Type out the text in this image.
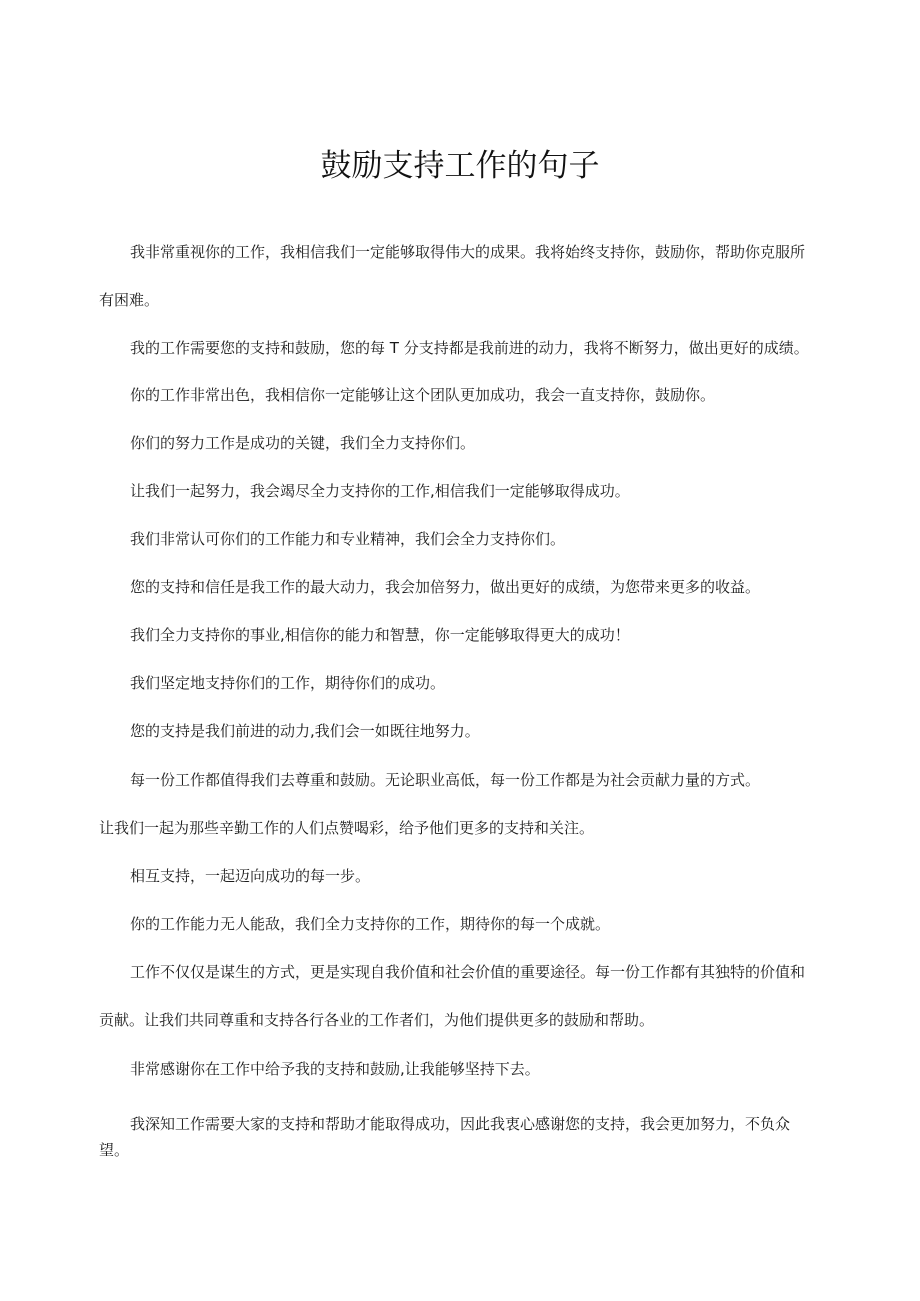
鼓励支持工作的句子

我非常重视你的工作，我相信我们一定能够取得伟大的成果。我将始终支持你，鼓励你，帮助你克服所
有困难。

我的工作需要您的支持和鼓励，您的每 T 分支持都是我前进的动力，我将不断努力，做出更好的成绩。

你的工作非常出色，我相信你一定能够让这个团队更加成功，我会一直支持你，鼓励你。

你们的努力工作是成功的关键，我们全力支持你们。

让我们一起努力，我会竭尽全力支持你的工作,相信我们一定能够取得成功。

我们非常认可你们的工作能力和专业精神，我们会全力支持你们。

您的支持和信任是我工作的最大动力，我会加倍努力，做出更好的成绩，为您带来更多的收益。

我们全力支持你的事业,相信你的能力和智慧，你一定能够取得更大的成功！

我们坚定地支持你们的工作，期待你们的成功。

您的支持是我们前进的动力,我们会一如既往地努力。

每一份工作都值得我们去尊重和鼓励。无论职业高低，每一份工作都是为社会贡献力量的方式。

让我们一起为那些辛勤工作的人们点赞喝彩，给予他们更多的支持和关注。

相互支持，一起迈向成功的每一步。

你的工作能力无人能敌，我们全力支持你的工作，期待你的每一个成就。

工作不仅仅是谋生的方式，更是实现自我价值和社会价值的重要途径。每一份工作都有其独特的价值和
贡献。让我们共同尊重和支持各行各业的工作者们，为他们提供更多的鼓励和帮助。

非常感谢你在工作中给予我的支持和鼓励,让我能够坚持下去。

我深知工作需要大家的支持和帮助才能取得成功，因此我衷心感谢您的支持，我会更加努力，不负众
望。
